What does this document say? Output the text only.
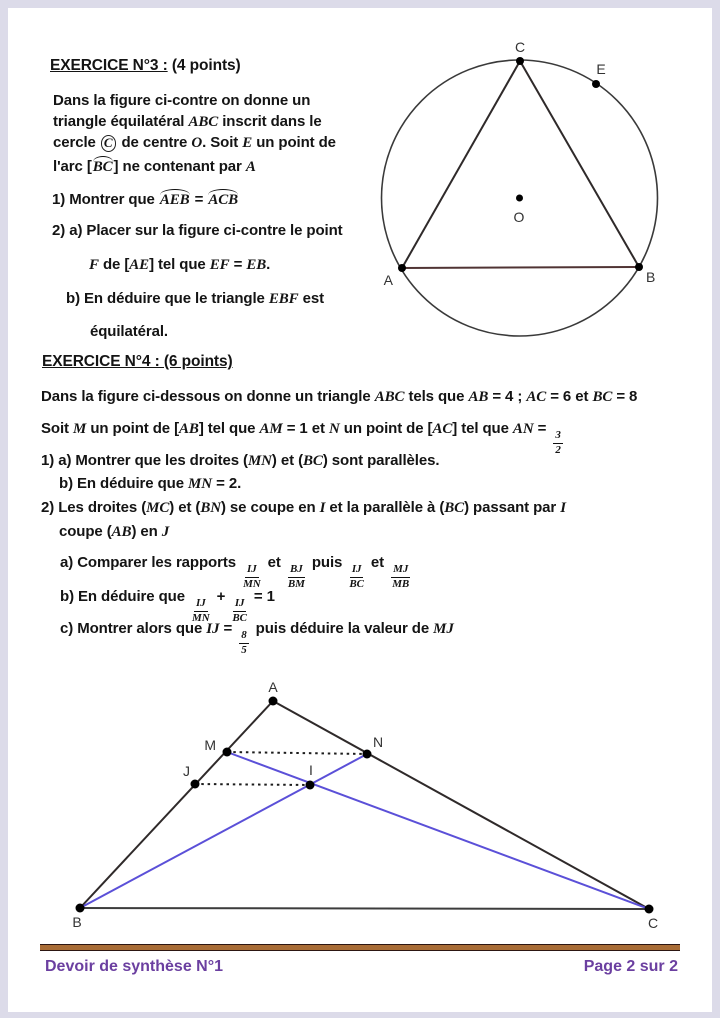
EXERCICE N°3 : (4 points)
Dans la figure ci-contre on donne un
triangle équilatéral ABC inscrit dans le
cercle C de centre O. Soit E un point de
l'arc [BC] ne contenant par A
1) Montrer que AEB = ACB
2) a) Placer sur la figure ci-contre le point
F de [AE] tel que EF = EB.
b) En déduire que le triangle EBF est
équilatéral.
C
E
O
A	B
EXERCICE N°4 : (6 points)
Dans la figure ci-dessous on donne un triangle ABC tels que AB = 4 ; AC = 6 et BC = 8
Soit M un point de [AB] tel que AM = 1 et N un point de [AC] tel que AN =
$\frac{3}{2}$
1) a) Montrer que les droites (MN) et (BC) sont parallèles.
b) En déduire que MN = 2.
2) Les droites (MC) et (BN) se coupe en I et la parallèle à (BC) passant par I
coupe (AB) en J
a) Comparer les rapports
$\frac{IJ}{MN}$
et
$\frac{BJ}{BM}$
puis
$\frac{IJ}{BC}$
et
$\frac{MJ}{MB}$
b) En déduire que
$\frac{IJ}{MN}$
+
$\frac{IJ}{BC}$
= 1
c) Montrer alors que IJ =
$\frac{8}{5}$
puis déduire la valeur de MJ
A
M	N
J	I
B	C
Devoir de synthèse N°1	Page 2 sur 2
